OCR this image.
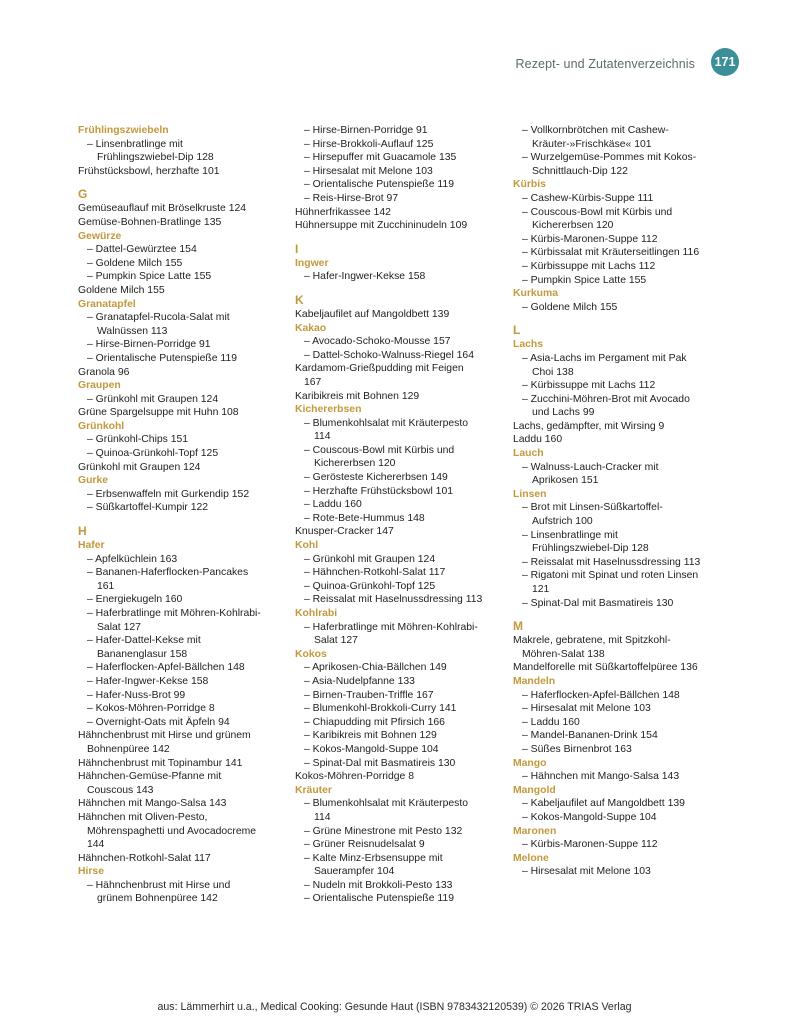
Rezept- und Zutatenverzeichnis 171
Frühlingszwiebeln
– Linsenbratlinge mit Frühlingszwiebel-Dip 128
Frühstücksbowl, herzhafte 101
G
Gemüseauflauf mit Bröselkruste 124
Gemüse-Bohnen-Bratlinge 135
Gewürze
– Dattel-Gewürztee 154
– Goldene Milch 155
– Pumpkin Spice Latte 155
Goldene Milch 155
Granatapfel
– Granatapfel-Rucola-Salat mit Walnüssen 113
– Hirse-Birnen-Porridge 91
– Orientalische Putenspieße 119
Granola 96
Graupen
– Grünkohl mit Graupen 124
Grüne Spargelsuppe mit Huhn 108
Grünkohl
– Grünkohl-Chips 151
– Quinoa-Grünkohl-Topf 125
Grünkohl mit Graupen 124
Gurke
– Erbsenwaffeln mit Gurkendip 152
– Süßkartoffel-Kumpir 122
H
Hafer
– Apfelküchlein 163
– Bananen-Haferflocken-Pancakes 161
– Energiekugeln 160
– Haferbratlinge mit Möhren-Kohlrabi-Salat 127
– Hafer-Dattel-Kekse mit Bananenglasur 158
– Haferflocken-Apfel-Bällchen 148
– Hafer-Ingwer-Kekse 158
– Hafer-Nuss-Brot 99
– Kokos-Möhren-Porridge 8
– Overnight-Oats mit Äpfeln 94
Hähnchenbrust mit Hirse und grünem Bohnenpüree 142
Hähnchenbrust mit Topinambur 141
Hähnchen-Gemüse-Pfanne mit Couscous 143
Hähnchen mit Mango-Salsa 143
Hähnchen mit Oliven-Pesto, Möhrenspaghetti und Avocadocreme 144
Hähnchen-Rotkohl-Salat 117
Hirse
– Hähnchenbrust mit Hirse und grünem Bohnenpüree 142
– Hirse-Birnen-Porridge 91
– Hirse-Brokkoli-Auflauf 125
– Hirsepuffer mit Guacamole 135
– Hirsesalat mit Melone 103
– Orientalische Putenspieße 119
– Reis-Hirse-Brot 97
Hühnerfrikassee 142
Hühnersuppe mit Zucchininudeln 109
I
Ingwer
– Hafer-Ingwer-Kekse 158
K
Kabeljaufilet auf Mangoldbett 139
Kakao
– Avocado-Schoko-Mousse 157
– Dattel-Schoko-Walnuss-Riegel 164
Kardamom-Grießpudding mit Feigen 167
Karibikreis mit Bohnen 129
Kichererbsen
– Blumenkohlsalat mit Kräuterpesto 114
– Couscous-Bowl mit Kürbis und Kichererbsen 120
– Gerösteste Kichererbsen 149
– Herzhafte Frühstücksbowl 101
– Laddu 160
– Rote-Bete-Hummus 148
Knusper-Cracker 147
Kohl
– Grünkohl mit Graupen 124
– Hähnchen-Rotkohl-Salat 117
– Quinoa-Grünkohl-Topf 125
– Reissalat mit Haselnussdressing 113
Kohlrabi
– Haferbratlinge mit Möhren-Kohlrabi-Salat 127
Kokos
– Aprikosen-Chia-Bällchen 149
– Asia-Nudelpfanne 133
– Birnen-Trauben-Triffle 167
– Blumenkohl-Brokkoli-Curry 141
– Chiapudding mit Pfirsich 166
– Karibikreis mit Bohnen 129
– Kokos-Mangold-Suppe 104
– Spinat-Dal mit Basmatireis 130
Kokos-Möhren-Porridge 8
Kräuter
– Blumenkohlsalat mit Kräuterpesto 114
– Grüne Minestrone mit Pesto 132
– Grüner Reisnudelsalat 9
– Kalte Minz-Erbsensuppe mit Sauerampfer 104
– Nudeln mit Brokkoli-Pesto 133
– Orientalische Putenspieße 119
– Vollkornbrötchen mit Cashew-Kräuter-»Frischkäse« 101
– Wurzelgemüse-Pommes mit Kokos-Schnittlauch-Dip 122
Kürbis
– Cashew-Kürbis-Suppe 111
– Couscous-Bowl mit Kürbis und Kichererbsen 120
– Kürbis-Maronen-Suppe 112
– Kürbissalat mit Kräuterseitlingen 116
– Kürbissuppe mit Lachs 112
– Pumpkin Spice Latte 155
Kurkuma
– Goldene Milch 155
L
Lachs
– Asia-Lachs im Pergament mit Pak Choi 138
– Kürbissuppe mit Lachs 112
– Zucchini-Möhren-Brot mit Avocado und Lachs 99
Lachs, gedämpfter, mit Wirsing 9
Laddu 160
Lauch
– Walnuss-Lauch-Cracker mit Aprikosen 151
Linsen
– Brot mit Linsen-Süßkartoffel-Aufstrich 100
– Linsenbratlinge mit Frühlingszwiebel-Dip 128
– Reissalat mit Haselnussdressing 113
– Rigatoni mit Spinat und roten Linsen 121
– Spinat-Dal mit Basmatireis 130
M
Makrele, gebratene, mit Spitzkohl-Möhren-Salat 138
Mandelforelle mit Süßkartoffelpüree 136
Mandeln
– Haferflocken-Apfel-Bällchen 148
– Hirsesalat mit Melone 103
– Laddu 160
– Mandel-Bananen-Drink 154
– Süßes Birnenbrot 163
Mango
– Hähnchen mit Mango-Salsa 143
Mangold
– Kabeljaufilet auf Mangoldbett 139
– Kokos-Mangold-Suppe 104
Maronen
– Kürbis-Maronen-Suppe 112
Melone
– Hirsesalat mit Melone 103
aus: Lämmerhirt u.a., Medical Cooking: Gesunde Haut (ISBN 9783432120539) © 2026 TRIAS Verlag
